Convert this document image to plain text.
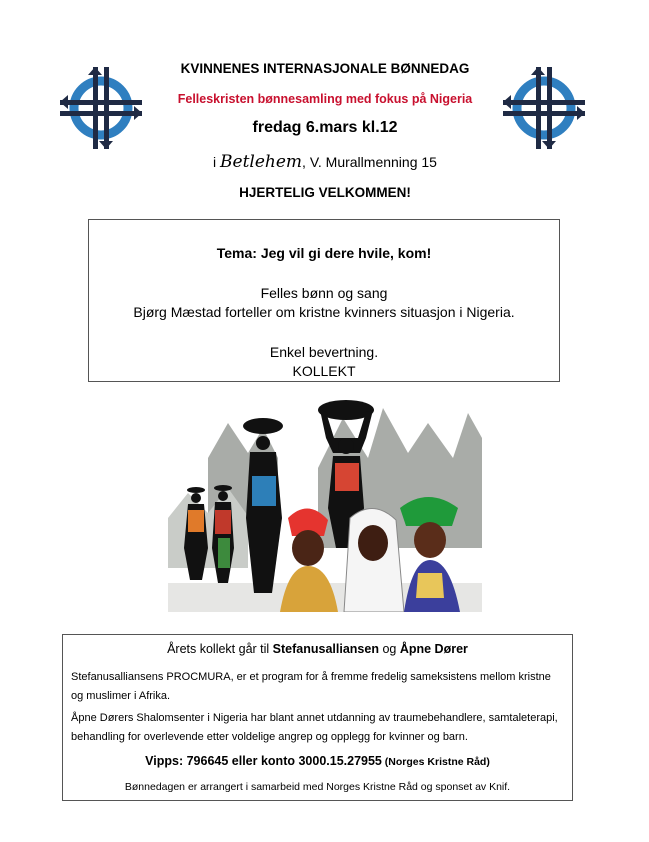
KVINNENES INTERNASJONALE BØNNEDAG
Felleskristen bønnesamling med fokus på Nigeria
fredag 6.mars kl.12
i Betlehem, V. Murallmenning 15
HJERTELIG VELKOMMEN!
Tema: Jeg vil gi dere hvile, kom!
Felles bønn og sang
Bjørg Mæstad forteller om kristne kvinners situasjon i Nigeria.
Enkel bevertning.
KOLLEKT
Årets kollekt går til Stefanusalliansen og Åpne Dører
Stefanusalliansens PROCMURA, er et program for å fremme fredelig sameksistens mellom kristne og muslimer i Afrika.
Åpne Dørers Shalomsenter i Nigeria har blant annet utdanning av traumebehandlere, samtaleterapi, behandling for overlevende etter voldelige angrep og opplegg for kvinner og barn.
Vipps: 796645 eller konto 3000.15.27955 (Norges Kristne Råd)
Bønnedagen er arrangert i samarbeid med Norges Kristne Råd og sponset av Knif.
